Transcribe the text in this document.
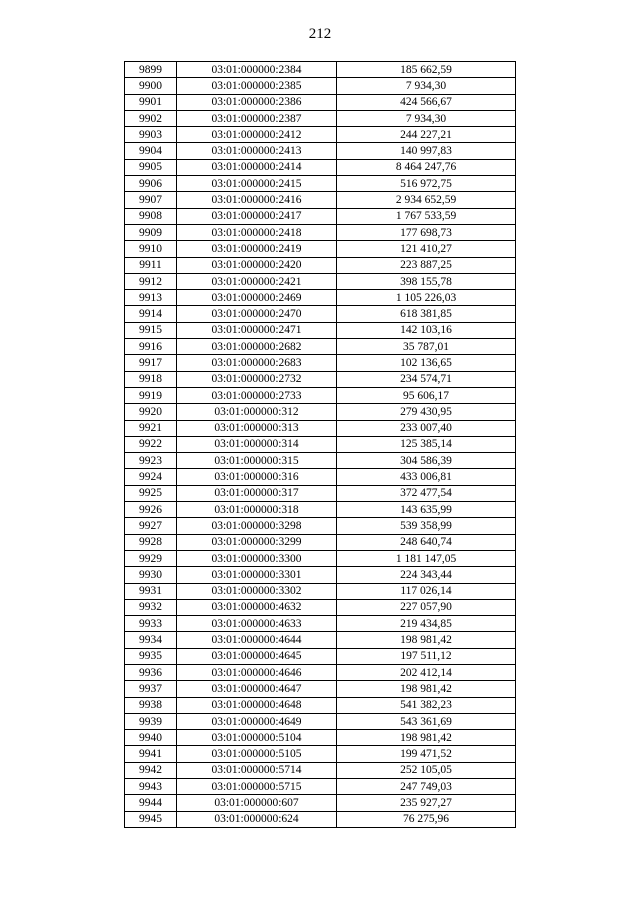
212
9899	03:01:000000:2384	185 662,59
9900	03:01:000000:2385	7 934,30
9901	03:01:000000:2386	424 566,67
9902	03:01:000000:2387	7 934,30
9903	03:01:000000:2412	244 227,21
9904	03:01:000000:2413	140 997,83
9905	03:01:000000:2414	8 464 247,76
9906	03:01:000000:2415	516 972,75
9907	03:01:000000:2416	2 934 652,59
9908	03:01:000000:2417	1 767 533,59
9909	03:01:000000:2418	177 698,73
9910	03:01:000000:2419	121 410,27
9911	03:01:000000:2420	223 887,25
9912	03:01:000000:2421	398 155,78
9913	03:01:000000:2469	1 105 226,03
9914	03:01:000000:2470	618 381,85
9915	03:01:000000:2471	142 103,16
9916	03:01:000000:2682	35 787,01
9917	03:01:000000:2683	102 136,65
9918	03:01:000000:2732	234 574,71
9919	03:01:000000:2733	95 606,17
9920	03:01:000000:312	279 430,95
9921	03:01:000000:313	233 007,40
9922	03:01:000000:314	125 385,14
9923	03:01:000000:315	304 586,39
9924	03:01:000000:316	433 006,81
9925	03:01:000000:317	372 477,54
9926	03:01:000000:318	143 635,99
9927	03:01:000000:3298	539 358,99
9928	03:01:000000:3299	248 640,74
9929	03:01:000000:3300	1 181 147,05
9930	03:01:000000:3301	224 343,44
9931	03:01:000000:3302	117 026,14
9932	03:01:000000:4632	227 057,90
9933	03:01:000000:4633	219 434,85
9934	03:01:000000:4644	198 981,42
9935	03:01:000000:4645	197 511,12
9936	03:01:000000:4646	202 412,14
9937	03:01:000000:4647	198 981,42
9938	03:01:000000:4648	541 382,23
9939	03:01:000000:4649	543 361,69
9940	03:01:000000:5104	198 981,42
9941	03:01:000000:5105	199 471,52
9942	03:01:000000:5714	252 105,05
9943	03:01:000000:5715	247 749,03
9944	03:01:000000:607	235 927,27
9945	03:01:000000:624	76 275,96
